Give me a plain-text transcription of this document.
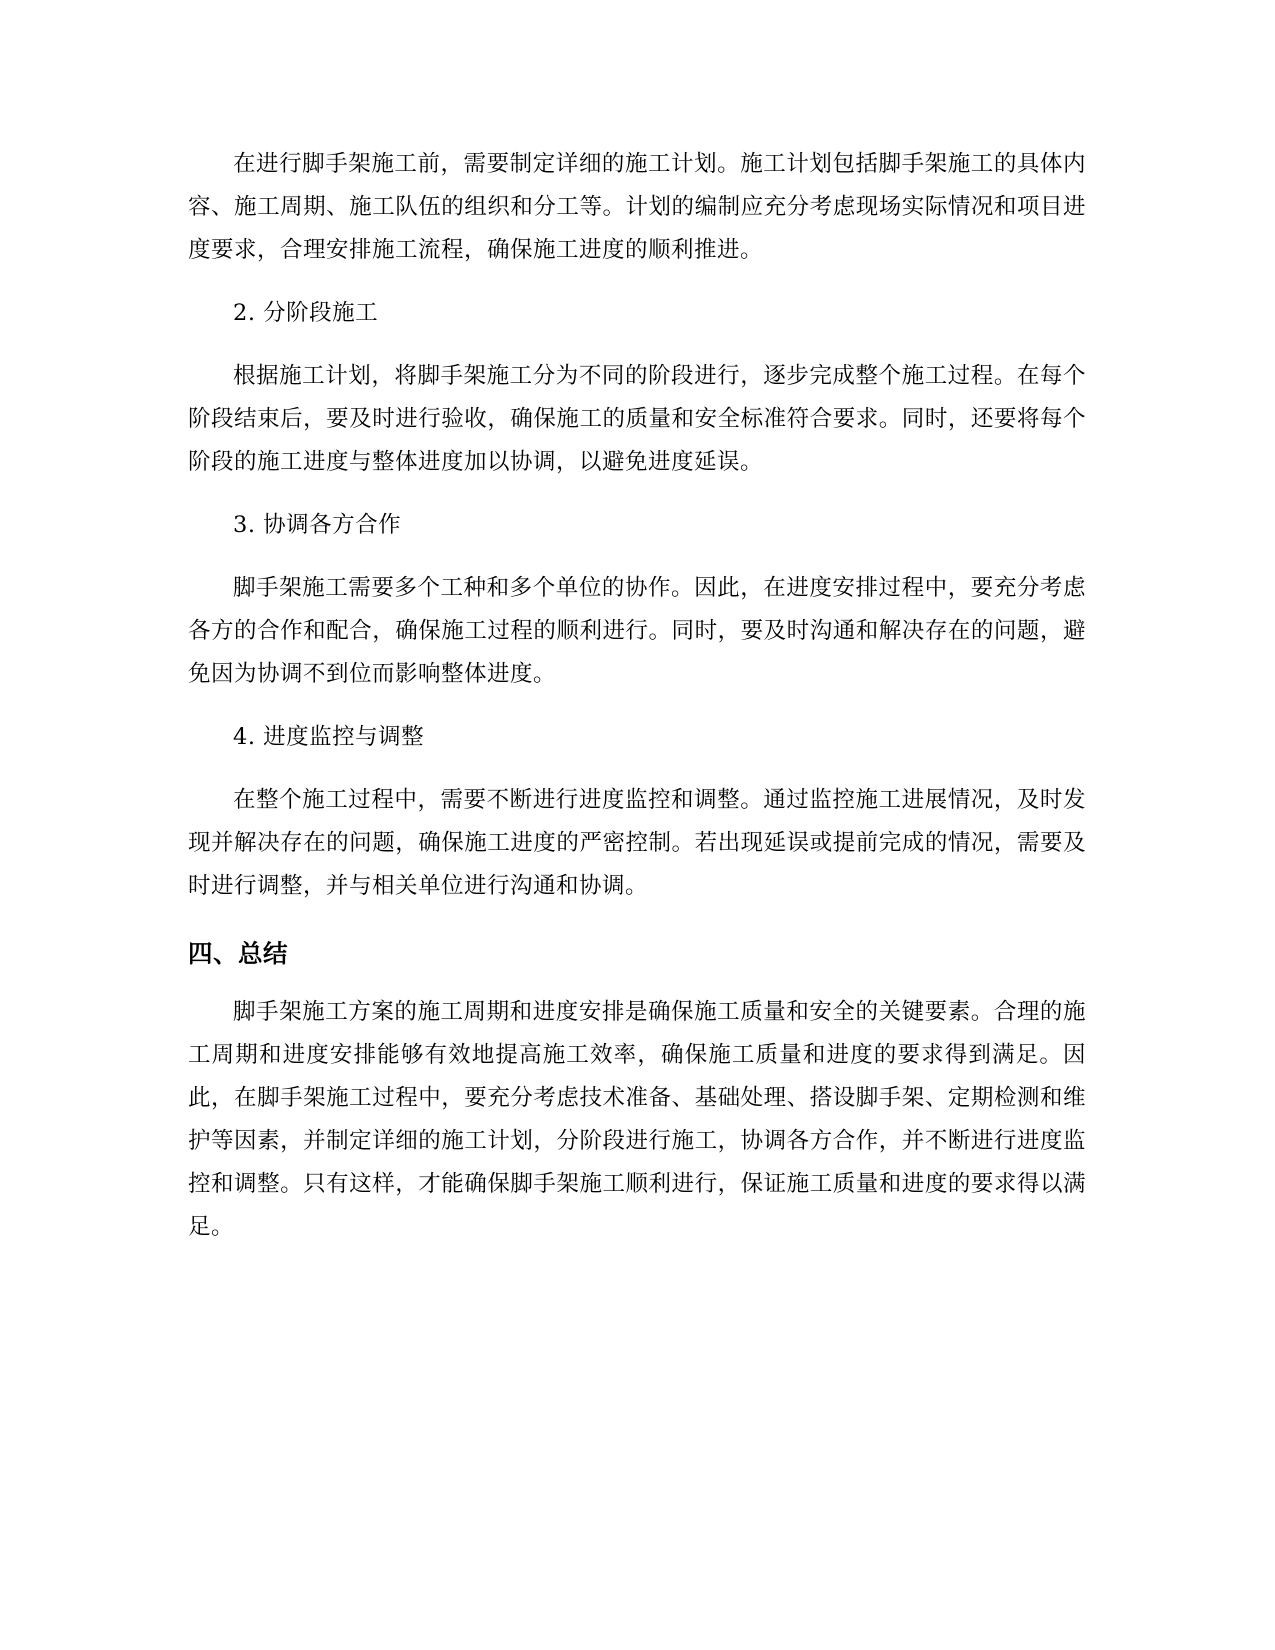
在进行脚手架施工前，需要制定详细的施工计划。施工计划包括脚手架施工的具体内容、施工周期、施工队伍的组织和分工等。计划的编制应充分考虑现场实际情况和项目进度要求，合理安排施工流程，确保施工进度的顺利推进。

2. 分阶段施工

根据施工计划，将脚手架施工分为不同的阶段进行，逐步完成整个施工过程。在每个阶段结束后，要及时进行验收，确保施工的质量和安全标准符合要求。同时，还要将每个阶段的施工进度与整体进度加以协调，以避免进度延误。

3. 协调各方合作

脚手架施工需要多个工种和多个单位的协作。因此，在进度安排过程中，要充分考虑各方的合作和配合，确保施工过程的顺利进行。同时，要及时沟通和解决存在的问题，避免因为协调不到位而影响整体进度。

4. 进度监控与调整

在整个施工过程中，需要不断进行进度监控和调整。通过监控施工进展情况，及时发现并解决存在的问题，确保施工进度的严密控制。若出现延误或提前完成的情况，需要及时进行调整，并与相关单位进行沟通和协调。

四、总结

脚手架施工方案的施工周期和进度安排是确保施工质量和安全的关键要素。合理的施工周期和进度安排能够有效地提高施工效率，确保施工质量和进度的要求得到满足。因此，在脚手架施工过程中，要充分考虑技术准备、基础处理、搭设脚手架、定期检测和维护等因素，并制定详细的施工计划，分阶段进行施工，协调各方合作，并不断进行进度监控和调整。只有这样，才能确保脚手架施工顺利进行，保证施工质量和进度的要求得以满足。
